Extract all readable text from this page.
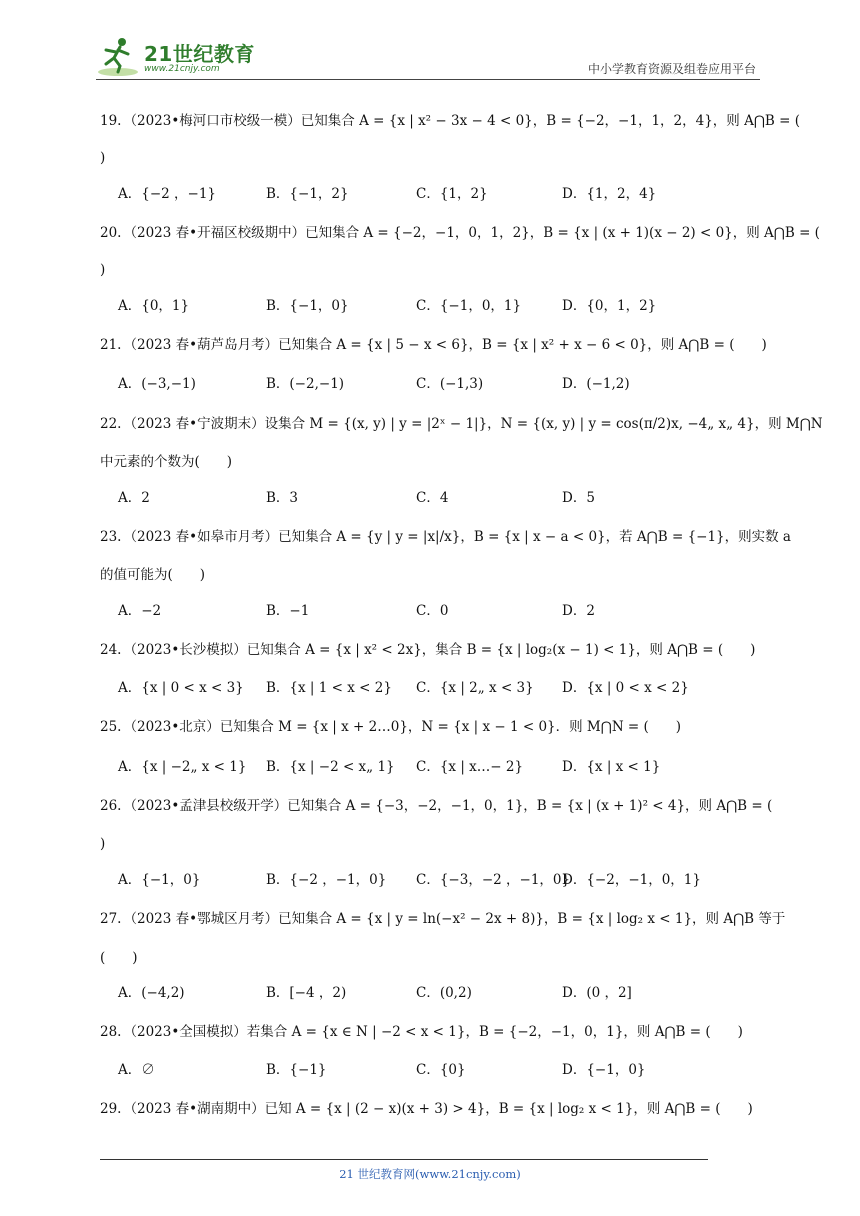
21世纪教育
www.21cnjy.com	中小学教育资源及组卷应用平台
19. （2023•梅河口市校级一模）已知集合 A = {x | x² − 3x − 4 < 0}，B = {−2，−1，1，2，4}，则 A⋂B = (
)
A．{−2 ，−1}	B．{−1，2}	C．{1，2}	D．{1，2，4}
20. （2023 春•开福区校级期中）已知集合 A = {−2，−1，0，1，2}，B = {x | (x + 1)(x − 2) < 0}，则 A⋂B = (
)
A．{0，1}	B．{−1，0}	C．{−1，0，1}	D．{0，1，2}
21. （2023 春•葫芦岛月考）已知集合 A = {x | 5 − x < 6}，B = {x | x² + x − 6 < 0}，则 A⋂B = (　　)
A．(−3,−1)	B．(−2,−1)	C．(−1,3)	D．(−1,2)
22. （2023 春•宁波期末）设集合 M = {(x, y) | y = |2ˣ − 1|}，N = {(x, y) | y = cos(π/2)x, −4„ x„ 4}，则 M⋂N
中元素的个数为(　　)
A．2	B．3	C．4	D．5
23. （2023 春•如皋市月考）已知集合 A = {y | y = |x|/x}，B = {x | x − a < 0}，若 A⋂B = {−1}，则实数 a
的值可能为(　　)
A．−2	B．−1	C．0	D．2
24. （2023•长沙模拟）已知集合 A = {x | x² < 2x}，集合 B = {x | log₂(x − 1) < 1}，则 A⋂B = (　　)
A．{x | 0 < x < 3} B．{x | 1 < x < 2} C．{x | 2„ x < 3} D．{x | 0 < x < 2}
25. （2023•北京）已知集合 M = {x | x + 2…0}，N = {x | x − 1 < 0}．则 M⋂N = (　　)
A．{x | −2„ x < 1} B．{x | −2 < x„ 1} C．{x | x…− 2}	D．{x | x < 1}
26. （2023•孟津县校级开学）已知集合 A = {−3，−2，−1，0，1}，B = {x | (x + 1)² < 4}，则 A⋂B = (
)
A．{−1，0}	B．{−2 ，−1，0} C．{−3，−2 ，−1，0}
D．{−2，−1，0，1}
27. （2023 春•鄂城区月考）已知集合 A = {x | y = ln(−x² − 2x + 8)}，B = {x | log₂ x < 1}，则 A⋂B 等于
(　　)
A．(−4,2)	B．[−4 ，2)	C．(0,2)	D．(0 ，2]
28. （2023•全国模拟）若集合 A = {x ∈ N | −2 < x < 1}，B = {−2，−1，0，1}，则 A⋂B = (　　)
A．∅	B．{−1}	C．{0}	D．{−1，0}
29. （2023 春•湖南期中）已知 A = {x | (2 − x)(x + 3) > 4}，B = {x | log₂ x < 1}，则 A⋂B = (　　)
21 世纪教育网(www.21cnjy.com)
